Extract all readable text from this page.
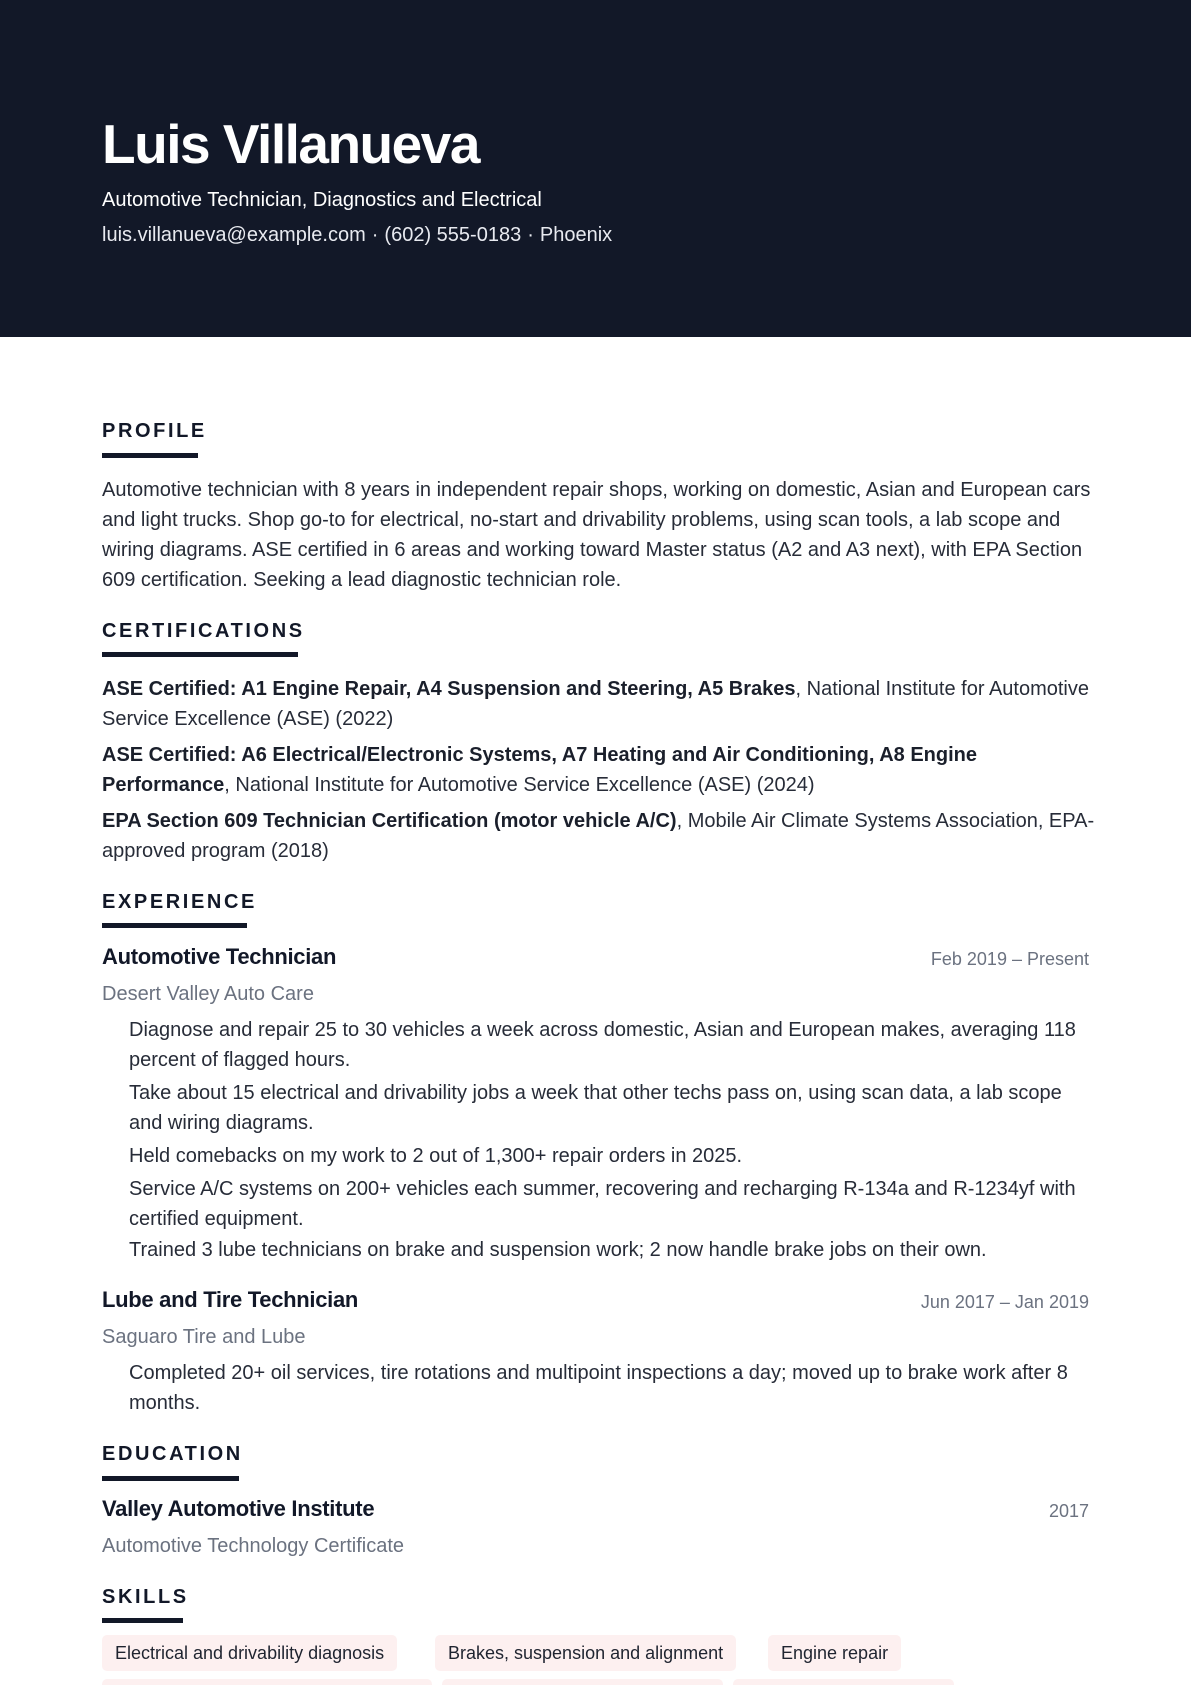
Luis Villanueva
Automotive Technician, Diagnostics and Electrical
luis.villanueva@example.com · (602) 555-0183 · Phoenix
PROFILE
Automotive technician with 8 years in independent repair shops, working on domestic, Asian and European cars and light trucks. Shop go-to for electrical, no-start and drivability problems, using scan tools, a lab scope and wiring diagrams. ASE certified in 6 areas and working toward Master status (A2 and A3 next), with EPA Section 609 certification. Seeking a lead diagnostic technician role.
CERTIFICATIONS
ASE Certified: A1 Engine Repair, A4 Suspension and Steering, A5 Brakes, National Institute for Automotive Service Excellence (ASE) (2022)
ASE Certified: A6 Electrical/Electronic Systems, A7 Heating and Air Conditioning, A8 Engine Performance, National Institute for Automotive Service Excellence (ASE) (2024)
EPA Section 609 Technician Certification (motor vehicle A/C), Mobile Air Climate Systems Association, EPA-approved program (2018)
EXPERIENCE
Automotive Technician	Feb 2019 – Present
Desert Valley Auto Care
Diagnose and repair 25 to 30 vehicles a week across domestic, Asian and European makes, averaging 118 percent of flagged hours.
Take about 15 electrical and drivability jobs a week that other techs pass on, using scan data, a lab scope and wiring diagrams.
Held comebacks on my work to 2 out of 1,300+ repair orders in 2025.
Service A/C systems on 200+ vehicles each summer, recovering and recharging R-134a and R-1234yf with certified equipment.
Trained 3 lube technicians on brake and suspension work; 2 now handle brake jobs on their own.
Lube and Tire Technician	Jun 2017 – Jan 2019
Saguaro Tire and Lube
Completed 20+ oil services, tire rotations and multipoint inspections a day; moved up to brake work after 8 months.
EDUCATION
Valley Automotive Institute	2017
Automotive Technology Certificate
SKILLS
Electrical and drivability diagnosis	Brakes, suspension and alignment	Engine repair
